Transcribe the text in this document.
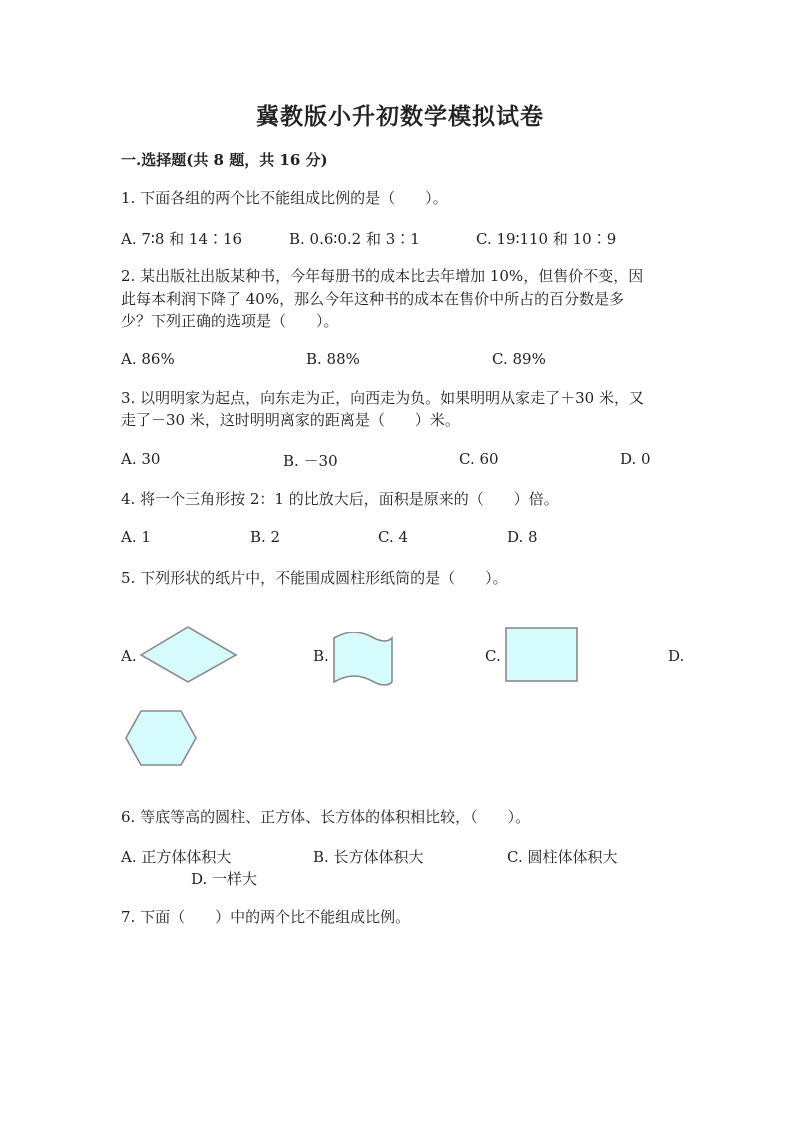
冀教版小升初数学模拟试卷
一.选择题(共 8 题，共 16 分)
1. 下面各组的两个比不能组成比例的是（　　）。
A. 7∶8 和 14∶16	B. 0.6∶0.2 和 3∶1	C. 19∶110 和 10∶9
2. 某出版社出版某种书，今年每册书的成本比去年增加 10%，但售价不变，因
此每本利润下降了 40%，那么今年这种书的成本在售价中所占的百分数是多
少？下列正确的选项是（　　）。
A. 86%	B. 88%	C. 89%
3. 以明明家为起点，向东走为正，向西走为负。如果明明从家走了＋30 米，又
走了－30 米，这时明明离家的距离是（　　）米。
A. 30	B. －30	C. 60	D. 0
4. 将一个三角形按 2：1 的比放大后，面积是原来的（　　）倍。
A. 1	B. 2	C. 4	D. 8
5. 下列形状的纸片中，不能围成圆柱形纸筒的是（　　）。
A.	B.	C.	D.
6. 等底等高的圆柱、正方体、长方体的体积相比较，（　　）。
A. 正方体体积大	B. 长方体体积大	C. 圆柱体体积大
D. 一样大
7. 下面（　　）中的两个比不能组成比例。
